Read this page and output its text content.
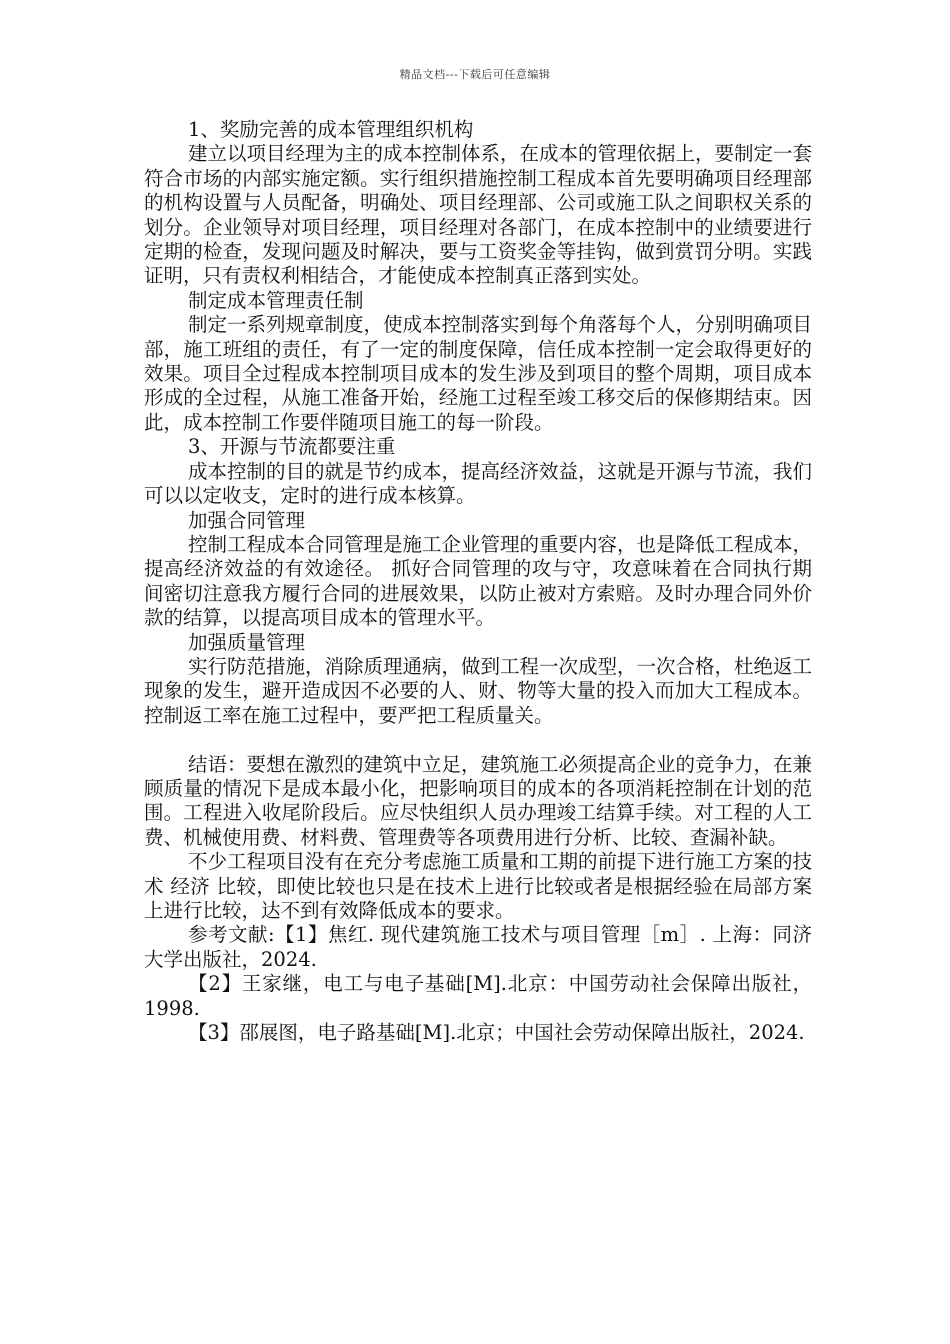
精品文档---下载后可任意编辑

1、奖励完善的成本管理组织机构

建立以项目经理为主的成本控制体系，在成本的管理依据上，要制定一套符合市场的内部实施定额。实行组织措施控制工程成本首先要明确项目经理部的机构设置与人员配备，明确处、项目经理部、公司或施工队之间职权关系的划分。企业领导对项目经理，项目经理对各部门，在成本控制中的业绩要进行定期的检查，发现问题及时解决，要与工资奖金等挂钩，做到赏罚分明。实践证明，只有责权利相结合，才能使成本控制真正落到实处。

制定成本管理责任制

制定一系列规章制度，使成本控制落实到每个角落每个人，分别明确项目部，施工班组的责任，有了一定的制度保障，信任成本控制一定会取得更好的效果。项目全过程成本控制项目成本的发生涉及到项目的整个周期，项目成本形成的全过程，从施工准备开始，经施工过程至竣工移交后的保修期结束。因此，成本控制工作要伴随项目施工的每一阶段。

3、开源与节流都要注重

成本控制的目的就是节约成本，提高经济效益，这就是开源与节流，我们可以以定收支，定时的进行成本核算。

加强合同管理

控制工程成本合同管理是施工企业管理的重要内容，也是降低工程成本，提高经济效益的有效途径。 抓好合同管理的攻与守，攻意味着在合同执行期间密切注意我方履行合同的进展效果，以防止被对方索赔。及时办理合同外价款的结算，以提高项目成本的管理水平。

加强质量管理

实行防范措施，消除质理通病，做到工程一次成型，一次合格，杜绝返工现象的发生，避开造成因不必要的人、财、物等大量的投入而加大工程成本。控制返工率在施工过程中，要严把工程质量关。

结语：要想在激烈的建筑中立足，建筑施工必须提高企业的竞争力，在兼顾质量的情况下是成本最小化，把影响项目的成本的各项消耗控制在计划的范围。工程进入收尾阶段后。应尽快组织人员办理竣工结算手续。对工程的人工费、机械使用费、材料费、管理费等各项费用进行分析、比较、查漏补缺。

不少工程项目没有在充分考虑施工质量和工期的前提下进行施工方案的技术 经济 比较，即使比较也只是在技术上进行比较或者是根据经验在局部方案上进行比较，达不到有效降低成本的要求。

参考文献:【1】焦红. 现代建筑施工技术与项目管理［m］. 上海：同济大学出版社，2024.

【2】王家继，电工与电子基础[M].北京：中国劳动社会保障出版社，1998.

【3】邵展图，电子路基础[M].北京；中国社会劳动保障出版社，2024.
